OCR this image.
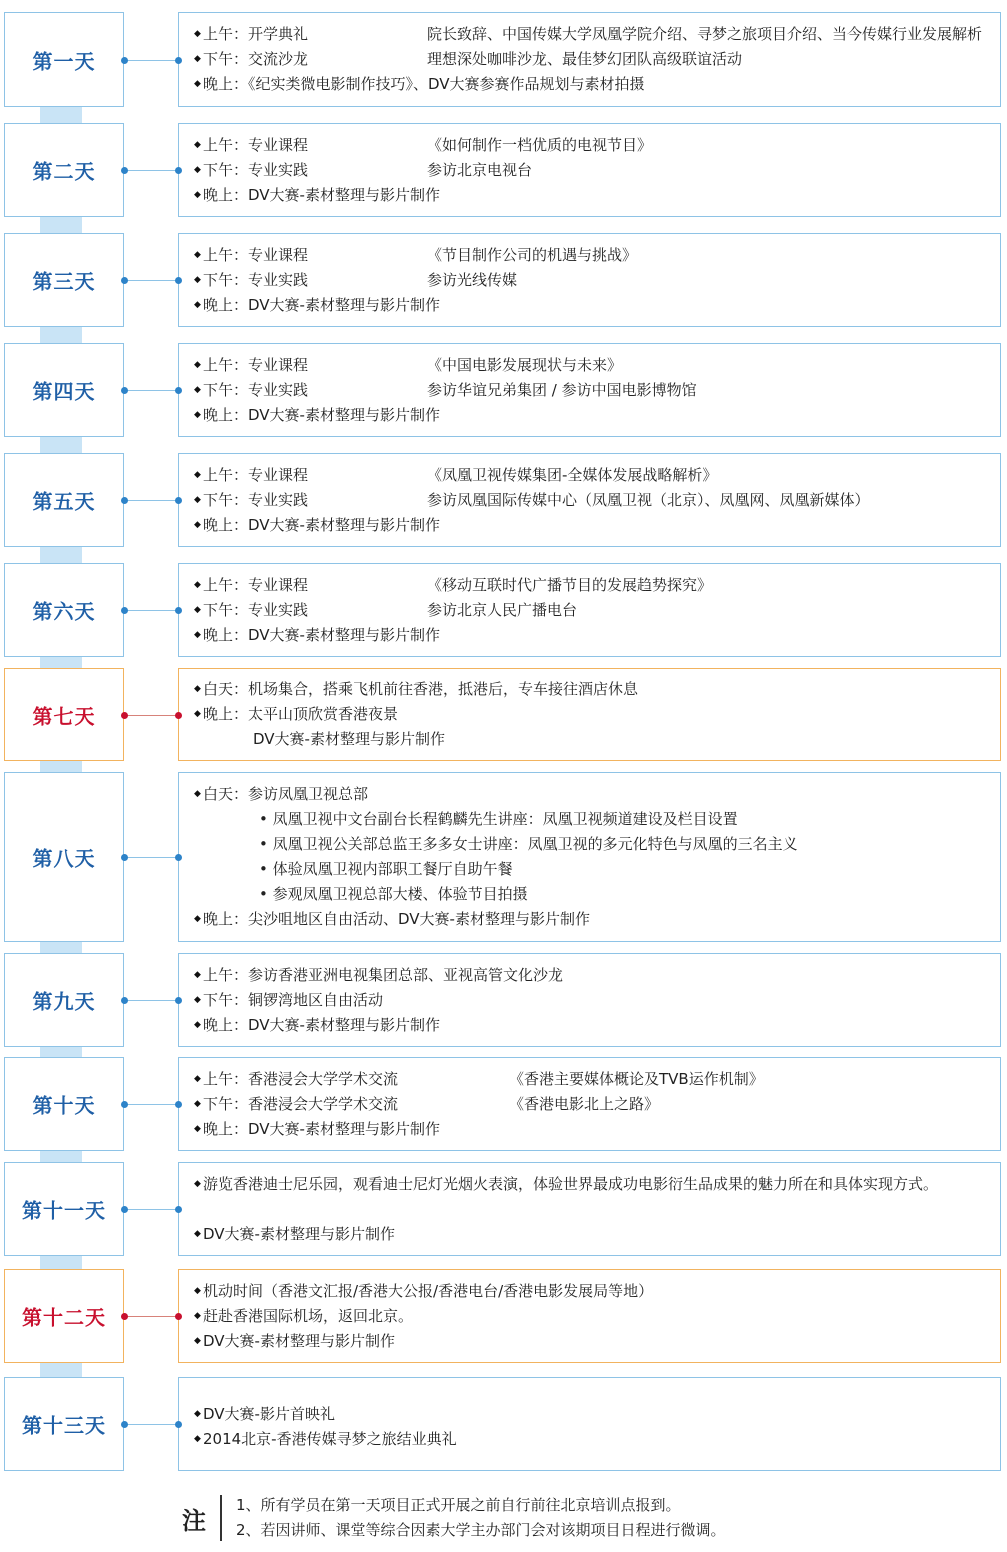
第一天
◆ 上午：开学典礼	院长致辞、中国传媒大学凤凰学院介绍、寻梦之旅项目介绍、当今传媒行业发展解析
◆ 下午：交流沙龙	理想深处咖啡沙龙、最佳梦幻团队高级联谊活动
◆ 晚上：《纪实类微电影制作技巧》、DV大赛参赛作品规划与素材拍摄
第二天
◆ 上午：专业课程	《如何制作一档优质的电视节目》
◆ 下午：专业实践	参访北京电视台
◆ 晚上：DV大赛-素材整理与影片制作
第三天
◆ 上午：专业课程	《节目制作公司的机遇与挑战》
◆ 下午：专业实践	参访光线传媒
◆ 晚上：DV大赛-素材整理与影片制作
第四天
◆ 上午：专业课程	《中国电影发展现状与未来》
◆ 下午：专业实践	参访华谊兄弟集团 / 参访中国电影博物馆
◆ 晚上：DV大赛-素材整理与影片制作
第五天
◆ 上午：专业课程	《凤凰卫视传媒集团-全媒体发展战略解析》
◆ 下午：专业实践	参访凤凰国际传媒中心（凤凰卫视（北京）、凤凰网、凤凰新媒体）
◆ 晚上：DV大赛-素材整理与影片制作
第六天
◆ 上午：专业课程	《移动互联时代广播节目的发展趋势探究》
◆ 下午：专业实践	参访北京人民广播电台
◆ 晚上：DV大赛-素材整理与影片制作
第七天
◆ 白天：机场集合，搭乘飞机前往香港，抵港后，专车接往酒店休息
◆ 晚上：太平山顶欣赏香港夜景
DV大赛-素材整理与影片制作
第八天
◆ 白天：参访凤凰卫视总部
• 凤凰卫视中文台副台长程鹤麟先生讲座：凤凰卫视频道建设及栏目设置
• 凤凰卫视公关部总监王多多女士讲座：凤凰卫视的多元化特色与凤凰的三名主义
• 体验凤凰卫视内部职工餐厅自助午餐
• 参观凤凰卫视总部大楼、体验节目拍摄
◆ 晚上：尖沙咀地区自由活动、DV大赛-素材整理与影片制作
第九天
◆ 上午：参访香港亚洲电视集团总部、亚视高管文化沙龙
◆ 下午：铜锣湾地区自由活动
◆ 晚上：DV大赛-素材整理与影片制作
第十天
◆ 上午：香港浸会大学学术交流	《香港主要媒体概论及TVB运作机制》
◆ 下午：香港浸会大学学术交流	《香港电影北上之路》
◆ 晚上：DV大赛-素材整理与影片制作
第十一天
◆ 游览香港迪士尼乐园，观看迪士尼灯光烟火表演，体验世界最成功电影衍生品成果的魅力所在和具体实现方式。
◆ DV大赛-素材整理与影片制作
第十二天
◆ 机动时间（香港文汇报/香港大公报/香港电台/香港电影发展局等地）
◆ 赶赴香港国际机场，返回北京。
◆ DV大赛-素材整理与影片制作
第十三天	◆ DV大赛-影片首映礼
◆ 2014北京-香港传媒寻梦之旅结业典礼
注
1、所有学员在第一天项目正式开展之前自行前往北京培训点报到。
2、若因讲师、课堂等综合因素大学主办部门会对该期项目日程进行微调。
